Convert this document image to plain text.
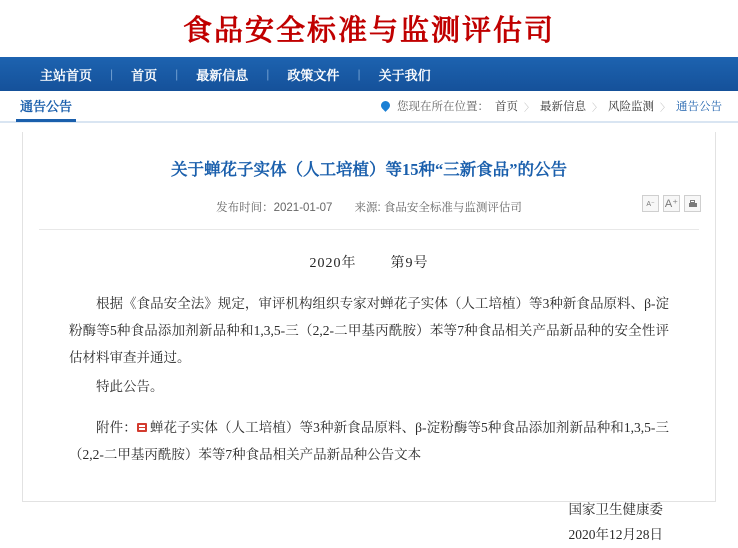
食品安全标准与监测评估司
主站首页	|	首页	|	最新信息	|	政策文件	|	关于我们
通告公告	您现在所在位置： 首页 〉 最新信息 〉 风险监测 〉 通告公告
关于蝉花子实体（人工培植）等15种“三新食品”的公告
发布时间：2021-01-07 来源: 食品安全标准与监测评估司	A⁻ A⁺
2020年 第9号

根据《食品安全法》规定，审评机构组织专家对蝉花子实体（人工培植）等3种新食品原料、β-淀粉酶等5种食品添加剂新品种和1,3,5-三（2,2-二甲基丙酰胺）苯等7种食品相关产品新品种的安全性评估材料审查并通过。

特此公告。

附件： 蝉花子实体（人工培植）等3种新食品原料、β-淀粉酶等5种食品添加剂新品种和1,3,5-三（2,2-二甲基丙酰胺）苯等7种食品相关产品新品种公告文本

国家卫生健康委
2020年12月28日
